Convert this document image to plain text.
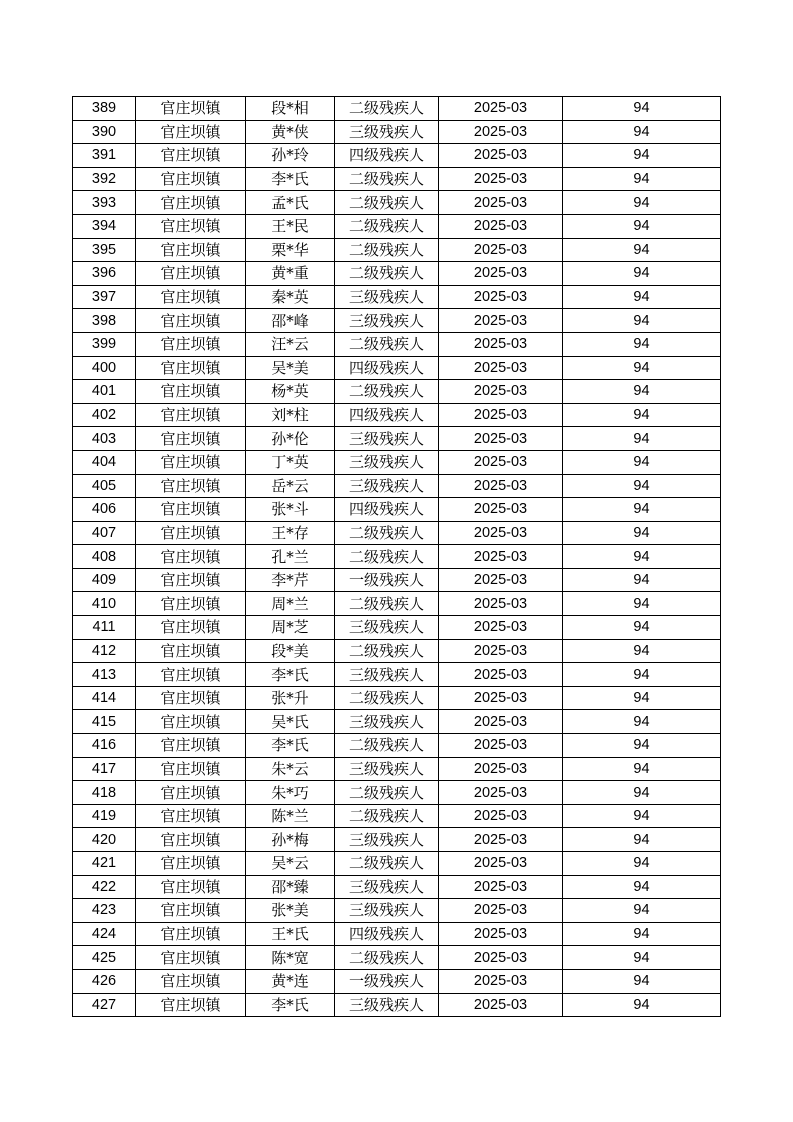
389	官庄坝镇	段*相	二级残疾人	2025-03	94
390	官庄坝镇	黄*侠	三级残疾人	2025-03	94
391	官庄坝镇	孙*玲	四级残疾人	2025-03	94
392	官庄坝镇	李*氏	二级残疾人	2025-03	94
393	官庄坝镇	孟*氏	二级残疾人	2025-03	94
394	官庄坝镇	王*民	二级残疾人	2025-03	94
395	官庄坝镇	栗*华	二级残疾人	2025-03	94
396	官庄坝镇	黄*重	二级残疾人	2025-03	94
397	官庄坝镇	秦*英	三级残疾人	2025-03	94
398	官庄坝镇	邵*峰	三级残疾人	2025-03	94
399	官庄坝镇	汪*云	二级残疾人	2025-03	94
400	官庄坝镇	吴*美	四级残疾人	2025-03	94
401	官庄坝镇	杨*英	二级残疾人	2025-03	94
402	官庄坝镇	刘*柱	四级残疾人	2025-03	94
403	官庄坝镇	孙*伦	三级残疾人	2025-03	94
404	官庄坝镇	丁*英	三级残疾人	2025-03	94
405	官庄坝镇	岳*云	三级残疾人	2025-03	94
406	官庄坝镇	张*斗	四级残疾人	2025-03	94
407	官庄坝镇	王*存	二级残疾人	2025-03	94
408	官庄坝镇	孔*兰	二级残疾人	2025-03	94
409	官庄坝镇	李*芹	一级残疾人	2025-03	94
410	官庄坝镇	周*兰	二级残疾人	2025-03	94
411	官庄坝镇	周*芝	三级残疾人	2025-03	94
412	官庄坝镇	段*美	二级残疾人	2025-03	94
413	官庄坝镇	李*氏	三级残疾人	2025-03	94
414	官庄坝镇	张*升	二级残疾人	2025-03	94
415	官庄坝镇	吴*氏	三级残疾人	2025-03	94
416	官庄坝镇	李*氏	二级残疾人	2025-03	94
417	官庄坝镇	朱*云	三级残疾人	2025-03	94
418	官庄坝镇	朱*巧	二级残疾人	2025-03	94
419	官庄坝镇	陈*兰	二级残疾人	2025-03	94
420	官庄坝镇	孙*梅	三级残疾人	2025-03	94
421	官庄坝镇	吴*云	二级残疾人	2025-03	94
422	官庄坝镇	邵*臻	三级残疾人	2025-03	94
423	官庄坝镇	张*美	三级残疾人	2025-03	94
424	官庄坝镇	王*氏	四级残疾人	2025-03	94
425	官庄坝镇	陈*宽	二级残疾人	2025-03	94
426	官庄坝镇	黄*连	一级残疾人	2025-03	94
427	官庄坝镇	李*氏	三级残疾人	2025-03	94
